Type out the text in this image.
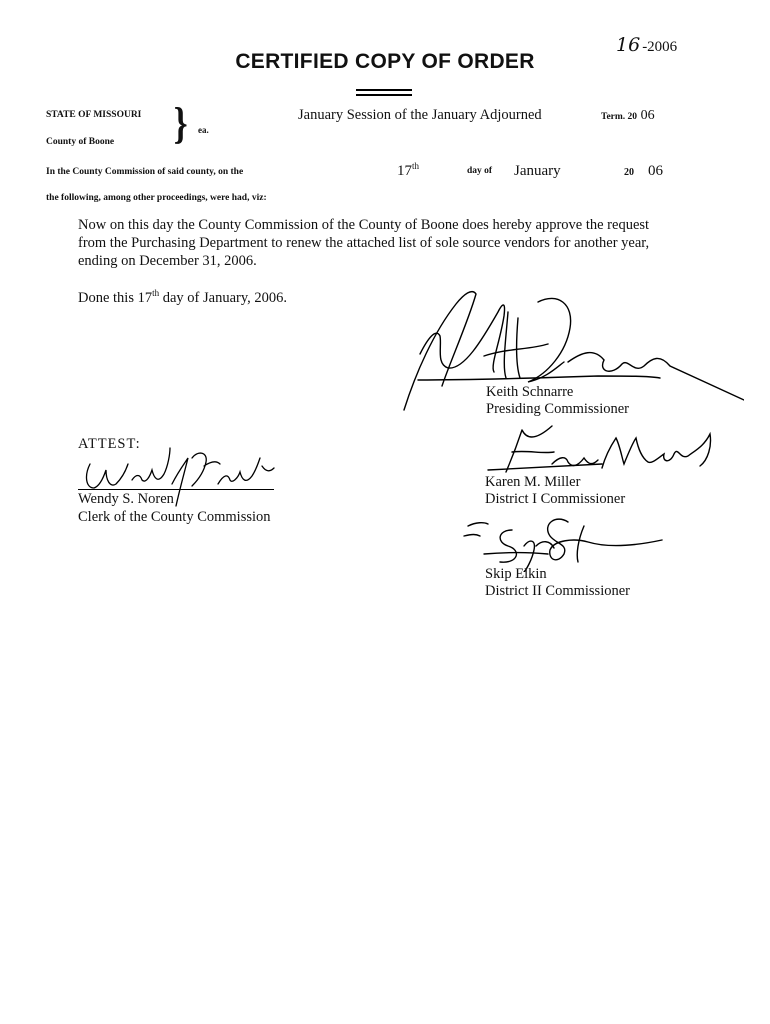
16 -2006
CERTIFIED COPY OF ORDER
STATE OF MISSOURI
County of Boone } ea.
January Session of the January Adjourned	Term. 20 06
In the County Commission of said county, on the	17th	day of January	20 06
the following, among other proceedings, were had, viz:
Now on this day the County Commission of the County of Boone does hereby approve the request from the Purchasing Department to renew the attached list of sole source vendors for another year, ending on December 31, 2006.
Done this 17th day of January, 2006.
Keith Schnarre
Presiding Commissioner
Karen M. Miller
District I Commissioner
Skip Elkin
District II Commissioner
ATTEST:
Wendy S. Noren
Clerk of the County Commission
